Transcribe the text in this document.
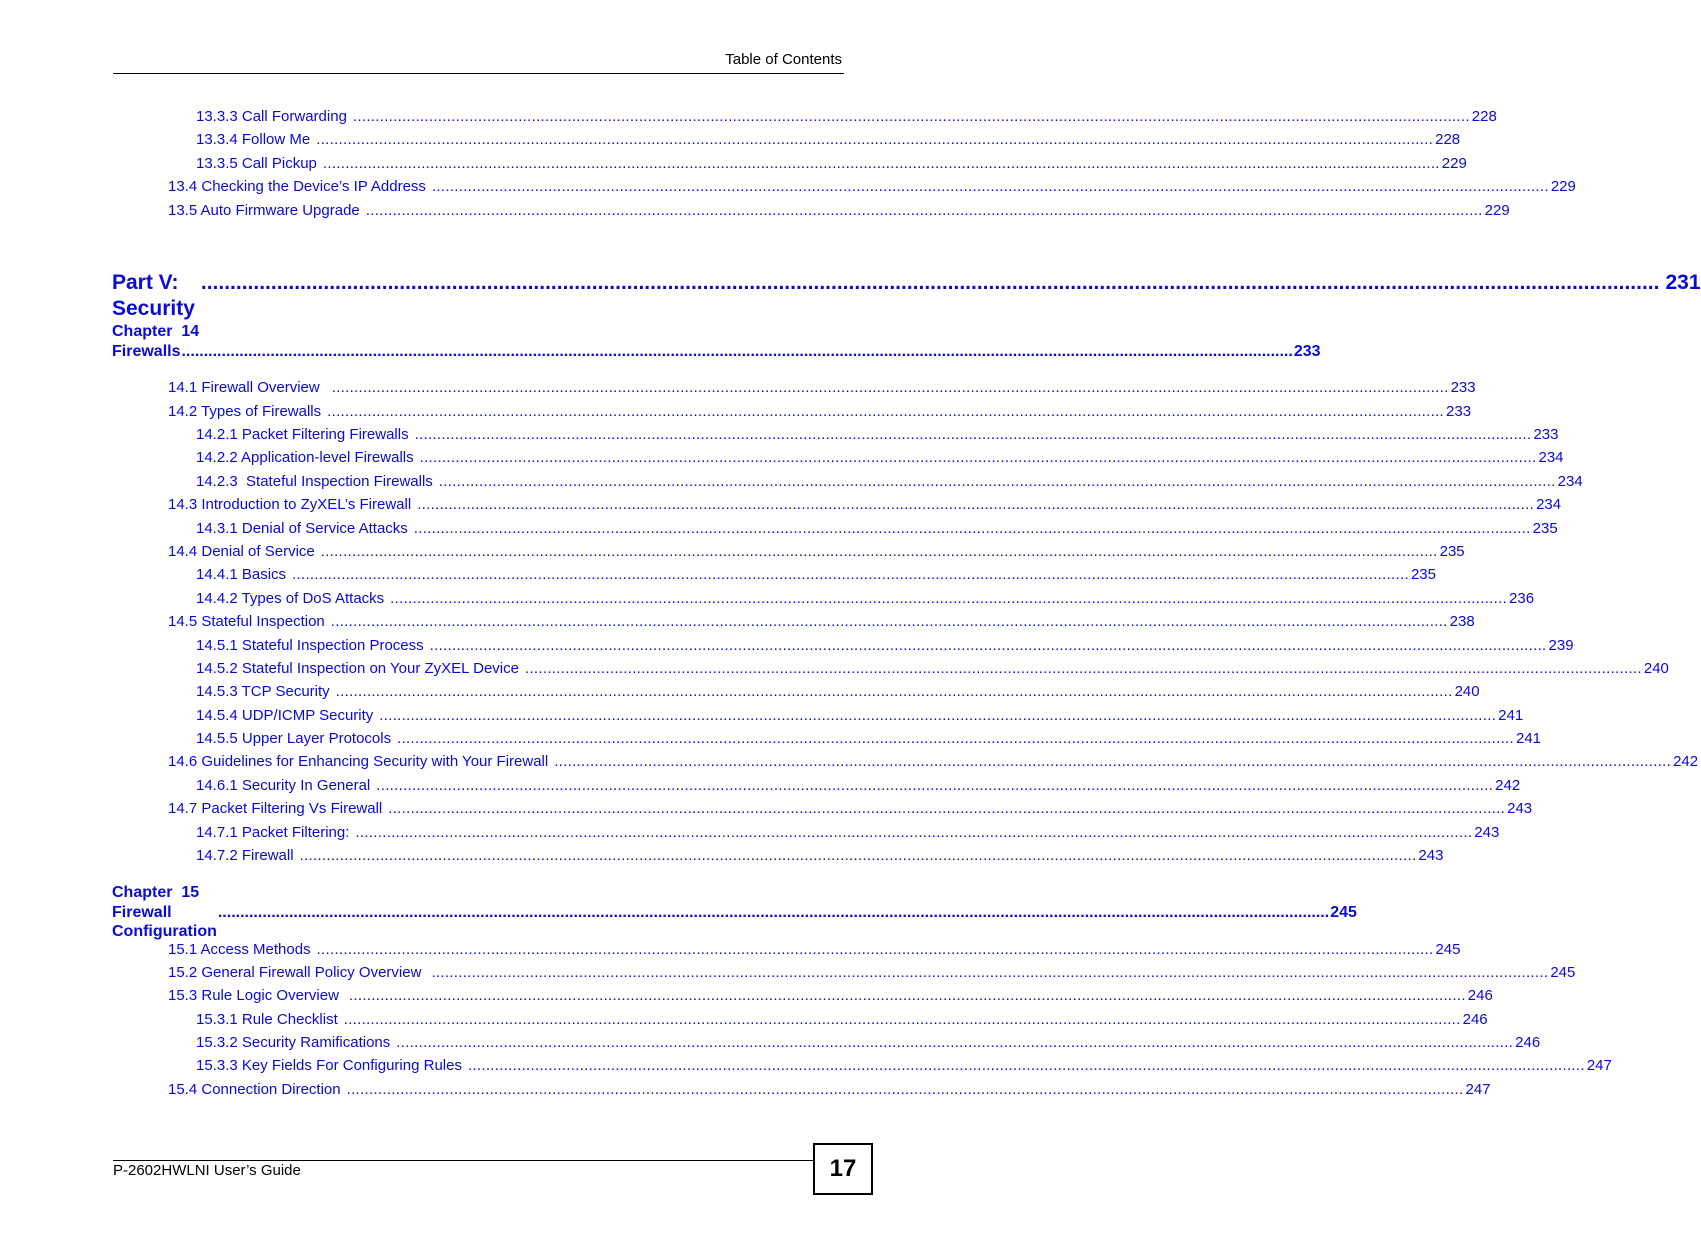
Table of Contents
13.3.3 Call Forwarding .......................................................................................................................................................................................................................................................... 228
13.3.4 Follow Me .......................................................................................................................................................................................................................................................... 228
13.3.5 Call Pickup .......................................................................................................................................................................................................................................................... 229
13.4 Checking the Device’s IP Address .......................................................................................................................................................................................................................................................... 229
13.5 Auto Firmware Upgrade .......................................................................................................................................................................................................................................................... 229
Part V: Security
.......................................................................................................................................................................................................................................................... 231
Chapter  14
Firewalls .......................................................................................................................................................................................................................................................... 233
14.1 Firewall Overview .......................................................................................................................................................................................................................................................... 233
14.2 Types of Firewalls .......................................................................................................................................................................................................................................................... 233
14.2.1 Packet Filtering Firewalls .......................................................................................................................................................................................................................................................... 233
14.2.2 Application-level Firewalls .......................................................................................................................................................................................................................................................... 234
14.2.3  Stateful Inspection Firewalls .......................................................................................................................................................................................................................................................... 234
14.3 Introduction to ZyXEL’s Firewall .......................................................................................................................................................................................................................................................... 234
14.3.1 Denial of Service Attacks .......................................................................................................................................................................................................................................................... 235
14.4 Denial of Service .......................................................................................................................................................................................................................................................... 235
14.4.1 Basics .......................................................................................................................................................................................................................................................... 235
14.4.2 Types of DoS Attacks .......................................................................................................................................................................................................................................................... 236
14.5 Stateful Inspection .......................................................................................................................................................................................................................................................... 238
14.5.1 Stateful Inspection Process .......................................................................................................................................................................................................................................................... 239
14.5.2 Stateful Inspection on Your ZyXEL Device .......................................................................................................................................................................................................................................................... 240
14.5.3 TCP Security .......................................................................................................................................................................................................................................................... 240
14.5.4 UDP/ICMP Security .......................................................................................................................................................................................................................................................... 241
14.5.5 Upper Layer Protocols .......................................................................................................................................................................................................................................................... 241
14.6 Guidelines for Enhancing Security with Your Firewall .......................................................................................................................................................................................................................................................... 242
14.6.1 Security In General .......................................................................................................................................................................................................................................................... 242
14.7 Packet Filtering Vs Firewall .......................................................................................................................................................................................................................................................... 243
14.7.1 Packet Filtering: .......................................................................................................................................................................................................................................................... 243
14.7.2 Firewall .......................................................................................................................................................................................................................................................... 243
Chapter  15
Firewall Configuration
.......................................................................................................................................................................................................................................................... 245
15.1 Access Methods .......................................................................................................................................................................................................................................................... 245
15.2 General Firewall Policy Overview .......................................................................................................................................................................................................................................................... 245
15.3 Rule Logic Overview .......................................................................................................................................................................................................................................................... 246
15.3.1 Rule Checklist .......................................................................................................................................................................................................................................................... 246
15.3.2 Security Ramifications .......................................................................................................................................................................................................................................................... 246
15.3.3 Key Fields For Configuring Rules .......................................................................................................................................................................................................................................................... 247
15.4 Connection Direction .......................................................................................................................................................................................................................................................... 247
P-2602HWLNI User’s Guide	17
